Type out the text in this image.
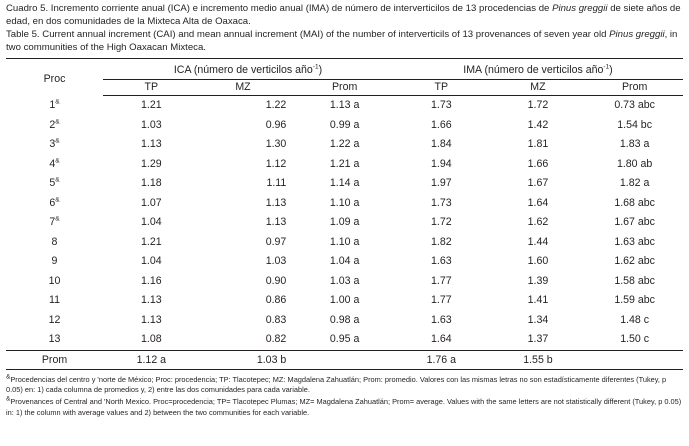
Cuadro 5. Incremento corriente anual (ICA) e incremento medio anual (IMA) de número de interverticilos de 13 procedencias de Pinus greggii de siete años de edad, en dos comunidades de la Mixteca Alta de Oaxaca.

Table 5. Current annual increment (CAI) and mean annual increment (MAI) of the number of interverticils of 13 provenances of seven year old Pinus greggii, in two communities of the High Oaxacan Mixteca.

Proc	ICA (número de verticilos año$^{-1}$)			IMA (número de verticilos año$^{-1}$)		
	TP	MZ	Prom	TP	MZ	Prom
1&	1.21	1.22	1.13 a	1.73	1.72	0.73 abc
2&	1.03	0.96	0.99 a	1.66	1.42	1.54 bc
3&	1.13	1.30	1.22 a	1.84	1.81	1.83 a
4&	1.29	1.12	1.21 a	1.94	1.66	1.80 ab
5&	1.18	1.11	1.14 a	1.97	1.67	1.82 a
6&	1.07	1.13	1.10 a	1.73	1.64	1.68 abc
7&	1.04	1.13	1.09 a	1.72	1.62	1.67 abc
8	1.21	0.97	1.10 a	1.82	1.44	1.63 abc
9	1.04	1.03	1.04 a	1.63	1.60	1.62 abc
10	1.16	0.90	1.03 a	1.77	1.39	1.58 abc
11	1.13	0.86	1.00 a	1.77	1.41	1.59 abc
12	1.13	0.83	0.98 a	1.63	1.34	1.48 c
13	1.08	0.82	0.95 a	1.64	1.37	1.50 c
Prom	1.12 a	1.03 b		1.76 a	1.55 b	

&Procedencias del centro y 'norte de México; Proc: procedencia; TP: Tlacotepec; MZ: Magdalena Zahuatlán; Prom: promedio. Valores con las mismas letras no son estadísticamente diferentes (Tukey, p 0.05) en: 1) cada columna de promedios y, 2) entre las dos comunidades para cada variable.

&Provenances of Central and 'North Mexico. Proc=procedencia; TP= Tlacotepec Plumas; MZ= Magdalena Zahuatlán; Prom= average. Values with the same letters are not statistically different (Tukey, p 0.05) in: 1) the column with average values and 2) between the two communities for each variable.
